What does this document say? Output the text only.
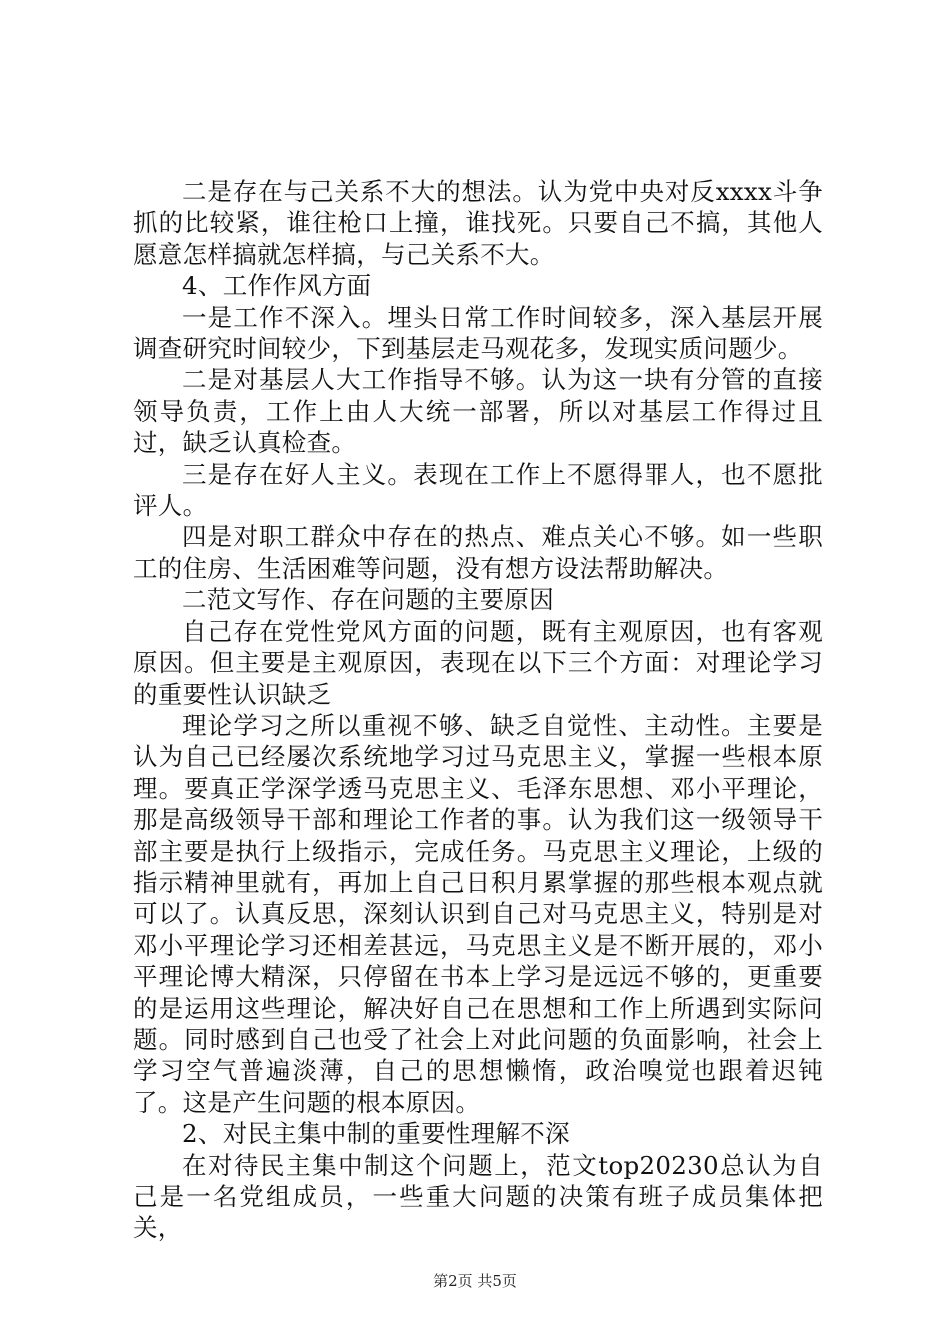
二是存在与己关系不大的想法。认为党中央对反xxxx斗争抓的比较紧，谁往枪口上撞，谁找死。只要自己不搞，其他人愿意怎样搞就怎样搞，与己关系不大。

4、工作作风方面

一是工作不深入。埋头日常工作时间较多，深入基层开展调查研究时间较少，下到基层走马观花多，发现实质问题少。

二是对基层人大工作指导不够。认为这一块有分管的直接领导负责，工作上由人大统一部署，所以对基层工作得过且过，缺乏认真检查。

三是存在好人主义。表现在工作上不愿得罪人，也不愿批评人。

四是对职工群众中存在的热点、难点关心不够。如一些职工的住房、生活困难等问题，没有想方设法帮助解决。

二范文写作、存在问题的主要原因

自己存在党性党风方面的问题，既有主观原因，也有客观原因。但主要是主观原因，表现在以下三个方面：对理论学习的重要性认识缺乏

理论学习之所以重视不够、缺乏自觉性、主动性。主要是认为自己已经屡次系统地学习过马克思主义，掌握一些根本原理。要真正学深学透马克思主义、毛泽东思想、邓小平理论，那是高级领导干部和理论工作者的事。认为我们这一级领导干部主要是执行上级指示，完成任务。马克思主义理论，上级的指示精神里就有，再加上自己日积月累掌握的那些根本观点就可以了。认真反思，深刻认识到自己对马克思主义，特别是对邓小平理论学习还相差甚远，马克思主义是不断开展的，邓小平理论博大精深，只停留在书本上学习是远远不够的，更重要的是运用这些理论，解决好自己在思想和工作上所遇到实际问题。同时感到自己也受了社会上对此问题的负面影响，社会上学习空气普遍淡薄，自己的思想懒惰，政治嗅觉也跟着迟钝了。这是产生问题的根本原因。

2、对民主集中制的重要性理解不深

在对待民主集中制这个问题上，范文top20230总认为自己是一名党组成员，一些重大问题的决策有班子成员集体把关，

第2页 共5页
